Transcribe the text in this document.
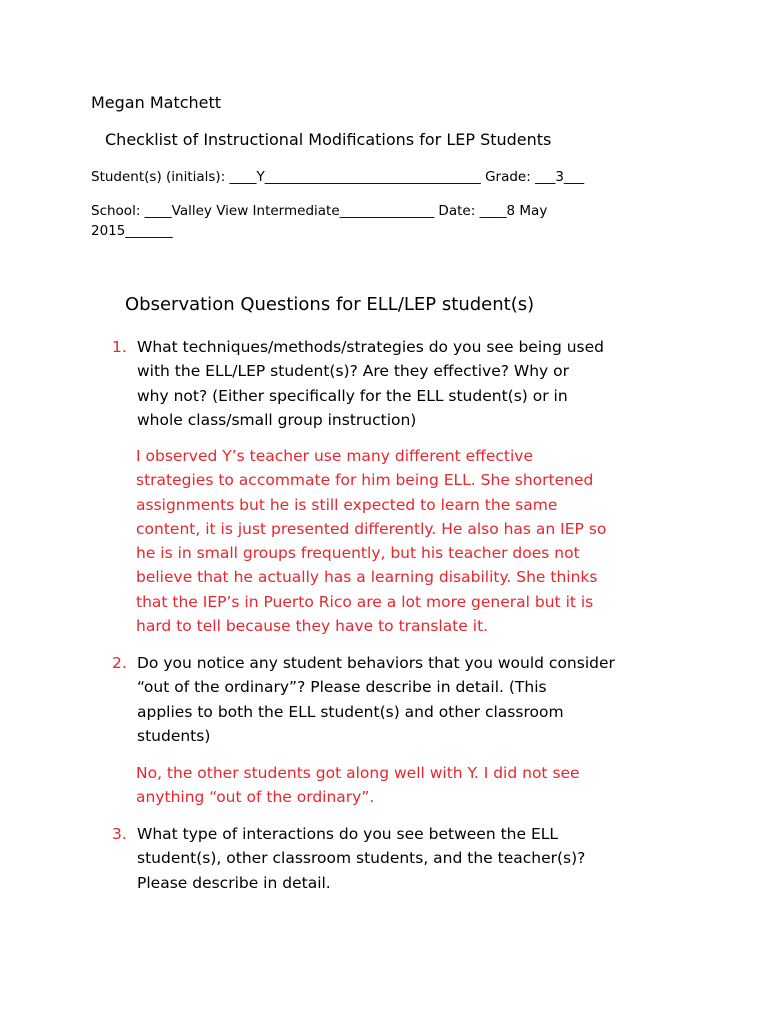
Megan Matchett
Checklist of Instructional Modifications for LEP Students
Student(s) (initials): ____Y________________________________ Grade: ___3___
School: ____Valley View Intermediate______________ Date: ____8 May
2015_______
Observation Questions for ELL/LEP student(s)
1. What techniques/methods/strategies do you see being used
with the ELL/LEP student(s)? Are they effective? Why or
why not? (Either specifically for the ELL student(s) or in
whole class/small group instruction)
I observed Y’s teacher use many different effective
strategies to accommate for him being ELL. She shortened
assignments but he is still expected to learn the same
content, it is just presented differently. He also has an IEP so
he is in small groups frequently, but his teacher does not
believe that he actually has a learning disability. She thinks
that the IEP’s in Puerto Rico are a lot more general but it is
hard to tell because they have to translate it.
2. Do you notice any student behaviors that you would consider
“out of the ordinary”? Please describe in detail. (This
applies to both the ELL student(s) and other classroom
students)
No, the other students got along well with Y. I did not see
anything “out of the ordinary”.
3. What type of interactions do you see between the ELL
student(s), other classroom students, and the teacher(s)?
Please describe in detail.
